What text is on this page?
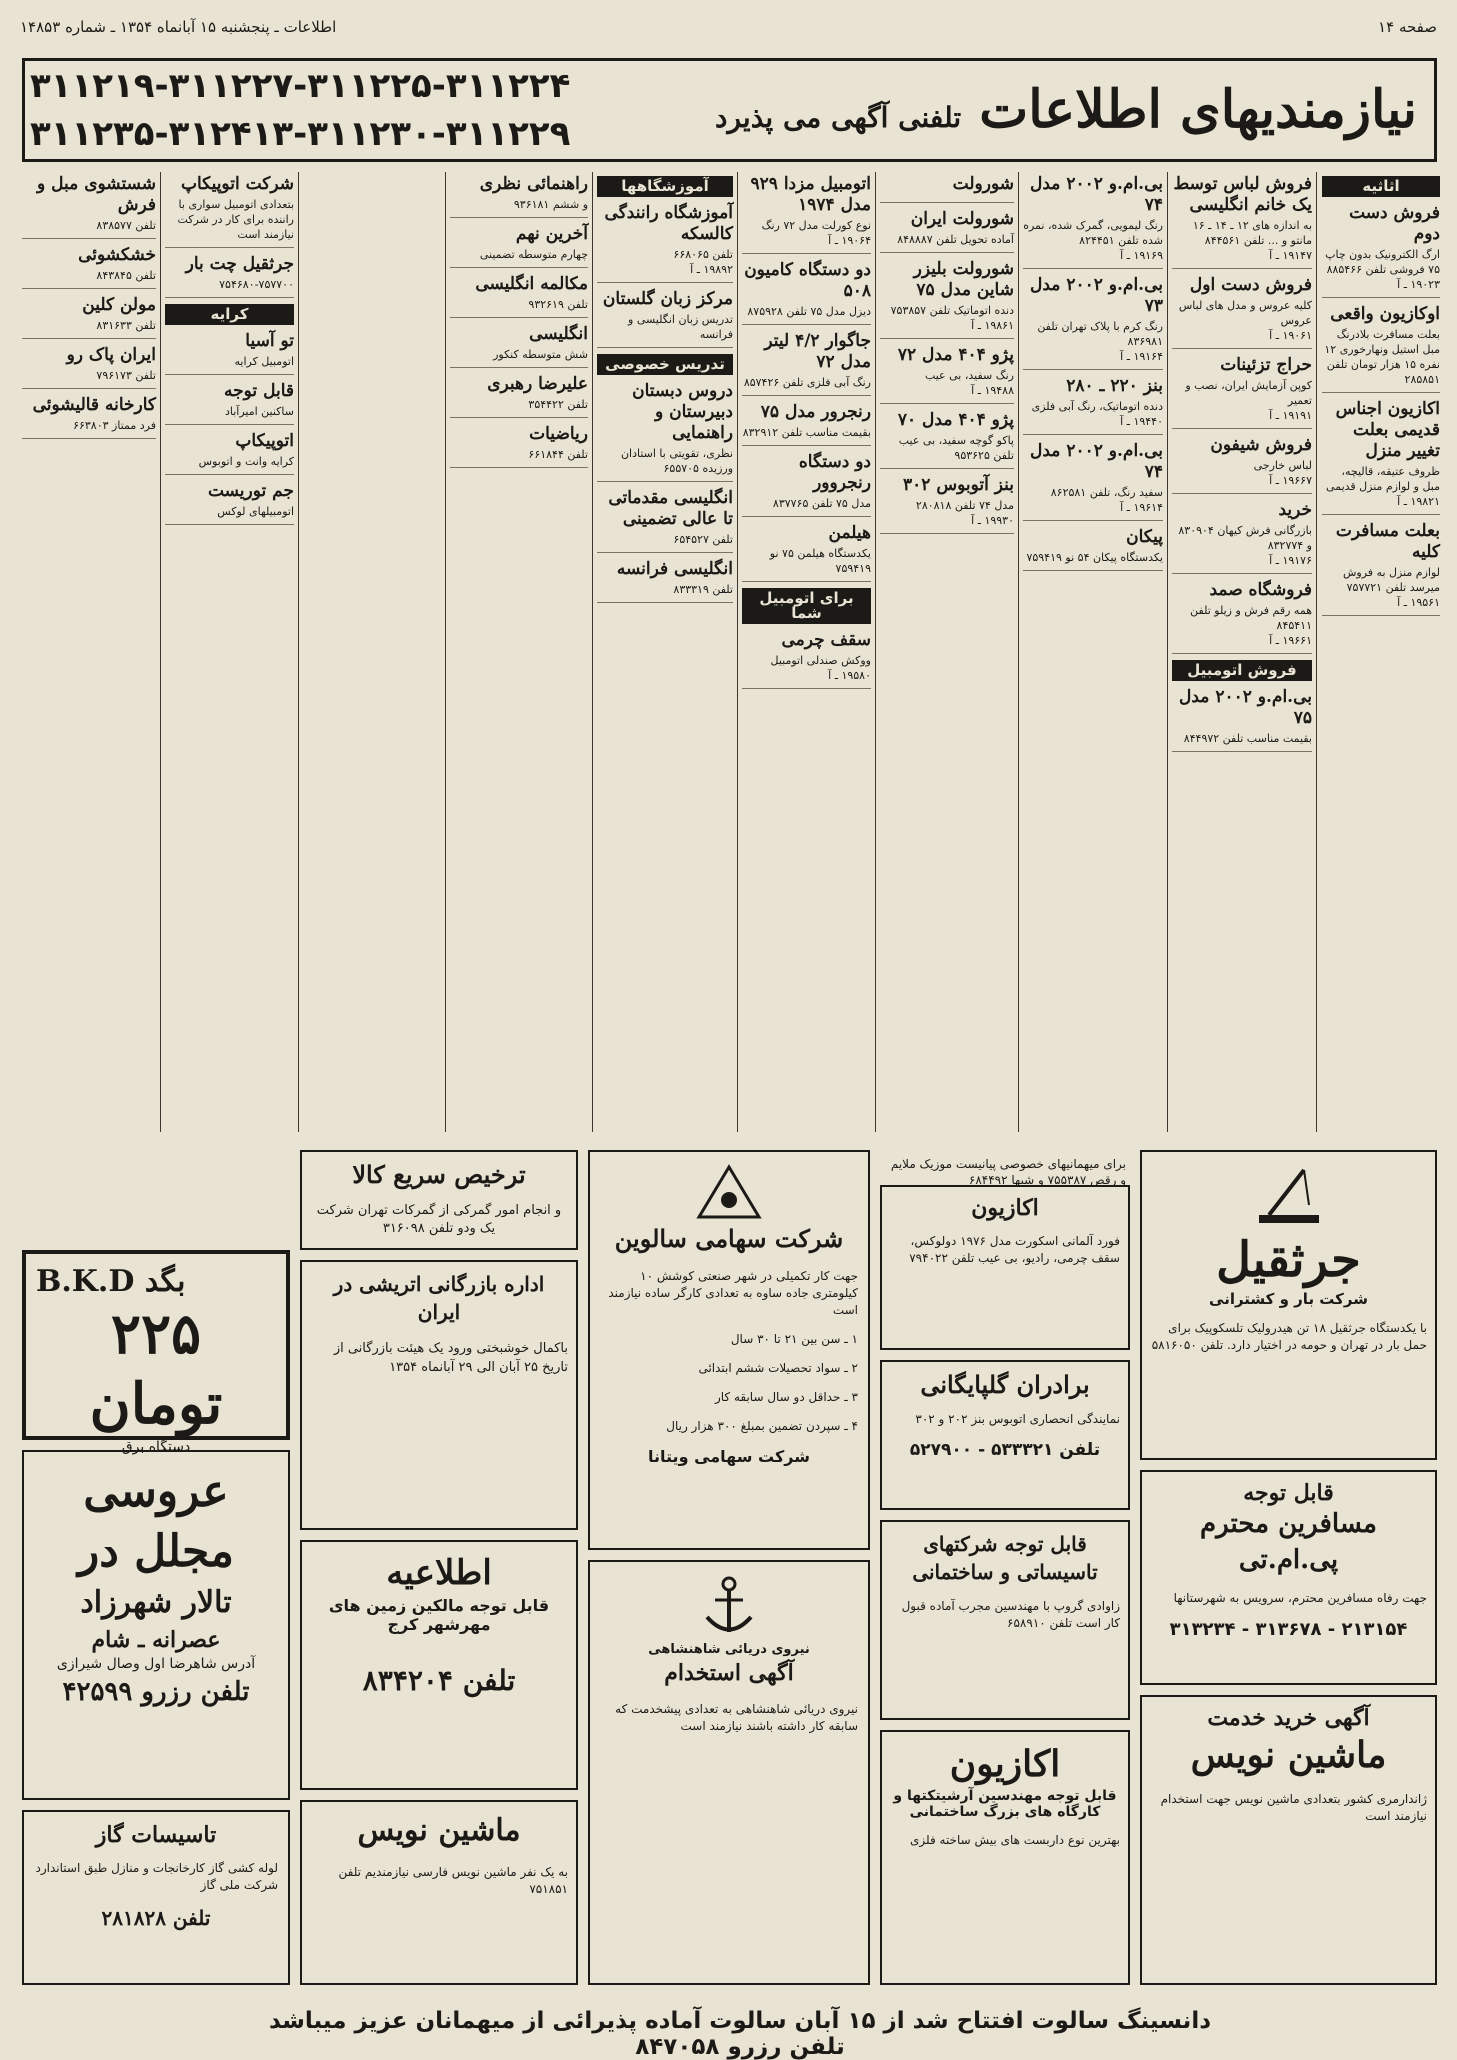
صفحه ۱۴
اطلاعات ـ پنجشنبه ۱۵ آبانماه ۱۳۵۴ ـ شماره ۱۴۸۵۳
۳۱۱۲۱۹-۳۱۱۲۲۷-۳۱۱۲۲۵-۳۱۱۲۲۴
۳۱۱۲۳۵-۳۱۲۴۱۳-۳۱۱۲۳۰-۳۱۱۲۲۹	نیازمندیهای اطلاعات تلفنی آگهی می پذیرد
اثاثیه
فروش دست دوم

ارگ الکترونیک بدون چاپ ۷۵ فروشی تلفن ۸۸۵۴۶۶

۱۹۰۲۳ ـ آ

اوکازیون واقعی

بعلت مسافرت بلادرنگ مبل استیل ونهارخوری ۱۲ نفره ۱۵ هزار تومان تلفن ۲۸۵۸۵۱

اکازیون اجناس قدیمی بعلت تغییر منزل

ظروف عتیقه، قالیچه، مبل و لوازم منزل قدیمی

۱۹۸۲۱ ـ آ

بعلت مسافرت کلیه

لوازم منزل به فروش میرسد تلفن ۷۵۷۷۲۱

۱۹۵۶۱ ـ آ

فروش لباس توسط یک خانم انگلیسی

به اندازه های ۱۲ ـ ۱۴ ـ ۱۶ مانتو و ... تلفن ۸۴۴۵۶۱

۱۹۱۴۷ ـ آ

فروش دست اول

کلیه عروس و مدل های لباس عروس

۱۹۰۶۱ ـ آ

حراج تزئینات

کوپن آزمایش ایران، نصب و تعمیر

۱۹۱۹۱ ـ آ

فروش شیفون

لباس خارجی

۱۹۶۶۷ ـ آ

خرید

بازرگانی فرش کیهان ۸۳۰۹۰۴ و ۸۳۲۷۷۴

۱۹۱۷۶ ـ آ

فروشگاه صمد

همه رقم فرش و زیلو تلفن ۸۴۵۴۱۱

۱۹۶۶۱ ـ آ

فروش اتومبیل
بی.ام.و ۲۰۰۲ مدل ۷۵

بقیمت مناسب تلفن ۸۴۴۹۷۲

بی.ام.و ۲۰۰۲ مدل ۷۴

رنگ لیمویی، گمرک شده، نمره شده تلفن ۸۲۴۴۵۱

۱۹۱۶۹ ـ آ

بی.ام.و ۲۰۰۲ مدل ۷۳

رنگ کرم با پلاک تهران تلفن ۸۳۶۹۸۱

۱۹۱۶۴ ـ آ

بنز ۲۲۰ ـ ۲۸۰

دنده اتوماتیک، رنگ آبی فلزی

۱۹۴۴۰ ـ آ

بی.ام.و ۲۰۰۲ مدل ۷۴

سفید رنگ، تلفن ۸۶۲۵۸۱

۱۹۶۱۴ ـ آ

پیکان

یکدستگاه پیکان ۵۴ نو ۷۵۹۴۱۹

شورولت
شورولت ایران

آماده تحویل تلفن ۸۴۸۸۸۷

شورولت بلیزر شاین مدل ۷۵

دنده اتوماتیک تلفن ۷۵۳۸۵۷

۱۹۸۶۱ ـ آ

پژو ۴۰۴ مدل ۷۲

رنگ سفید، بی عیب

۱۹۴۸۸ ـ آ

پژو ۴۰۴ مدل ۷۰

پاکو گوچه سفید، بی عیب تلفن ۹۵۳۶۲۵

بنز آتوبوس ۳۰۲

مدل ۷۴ تلفن ۲۸۰۸۱۸

۱۹۹۳۰ ـ آ

اتومبیل مزدا ۹۲۹ مدل ۱۹۷۴

نوع کورلت مدل ۷۲ رنگ

۱۹۰۶۴ ـ آ

دو دستگاه کامیون ۵۰۸

دیزل مدل ۷۵ تلفن ۸۷۵۹۲۸

جاگوار ۴/۲ لیتر مدل ۷۲

رنگ آبی فلزی تلفن ۸۵۷۴۲۶

رنجرور مدل ۷۵

بقیمت مناسب تلفن ۸۳۲۹۱۲

دو دستگاه رنجروور

مدل ۷۵ تلفن ۸۳۷۷۶۵

هیلمن

یکدستگاه هیلمن ۷۵ نو ۷۵۹۴۱۹

برای اتومبیل شما
سقف چرمی

ووکش صندلی اتومبیل

۱۹۵۸۰ ـ آ

آموزشگاهها
آموزشگاه رانندگی کالسکه

تلفن ۶۶۸۰۶۵

۱۹۸۹۲ ـ آ

مرکز زبان گلستان

تدریس زبان انگلیسی و فرانسه

تدریس خصوصی
دروس دبستان دبیرستان و راهنمایی

نظری، تقویتی با استادان ورزیده ۶۵۵۷۰۵

انگلیسی مقدماتی تا عالی تضمینی

تلفن ۶۵۴۵۲۷

انگلیسی فرانسه

تلفن ۸۳۳۳۱۹

راهنمائی نظری

و ششم ۹۳۶۱۸۱

آخرین نهم

چهارم متوسطه تضمینی

مکالمه انگلیسی

تلفن ۹۳۲۶۱۹

انگلیسی

شش متوسطه کنکور

علیرضا رهبری

تلفن ۳۵۴۴۲۲

ریاضیات

تلفن ۶۶۱۸۴۴

شرکت اتوپیکاپ

بتعدادی اتومبیل سواری با راننده برای کار در شرکت نیازمند است

جرثقیل چت بار

۷۵۴۶۸۰-۷۵۷۷۰۰

کرایه
تو آسیا

اتومبیل کرایه

قابل توجه

ساکنین امیرآباد

اتوپیکاپ

کرایه وانت و اتوبوس

جم توریست

اتومبیلهای لوکس

شستشوی مبل و فرش

تلفن ۸۳۸۵۷۷

خشکشوئی

تلفن ۸۴۳۸۴۵

مولن کلین

تلفن ۸۳۱۶۳۳

ایران پاک رو

تلفن ۷۹۶۱۷۳

کارخانه قالیشوئی

فرد ممتاز ۶۶۳۸۰۳

جرثقیل
شرکت بار و کشترانی

با یکدستگاه جرثقیل ۱۸ تن هیدرولیک تلسکوپیک برای حمل بار در تهران و حومه در اختیار دارد. تلفن ۵۸۱۶۰۵۰

قابل توجه
مسافرین محترم پی.ام.تی

جهت رفاه مسافرین محترم، سرویس به شهرستانها

۲۱۳۱۵۴ - ۳۱۳۶۷۸ - ۳۱۳۲۳۴
آگهی خرید خدمت
ماشین نویس

ژاندارمری کشور بتعدادی ماشین نویس جهت استخدام نیازمند است

برای میهمانیهای خصوصی پیانیست موزیک ملایم و رقص ۷۵۵۳۸۷ و شبها ۶۸۴۴۹۲

اکازیون

فورد آلمانی اسکورت مدل ۱۹۷۶ دولوکس، سقف چرمی، رادیو، بی عیب تلفن ۷۹۴۰۲۲

برادران گلپایگانی

نمایندگی انحصاری اتوبوس بنز ۲۰۲ و ۳۰۲

تلفن ۵۳۳۳۲۱ - ۵۲۷۹۰۰
قابل توجه شرکتهای تاسیساتی و ساختمانی

زاوادی گروپ با مهندسین مجرب آماده قبول کار است تلفن ۶۵۸۹۱۰

اکازیون
قابل توجه مهندسین آرشیتکتها و کارگاه های بزرگ ساختمانی

بهترین نوع داربست های بیش ساخته فلزی

شرکت سهامی سالوین

جهت کار تکمیلی در شهر صنعتی کوشش ۱۰ کیلومتری جاده ساوه به تعدادی کارگر ساده نیازمند است

۱ ـ سن بین ۲۱ تا ۳۰ سال

۲ ـ سواد تحصیلات ششم ابتدائی

۳ ـ حداقل دو سال سابقه کار

۴ ـ سپردن تضمین بمبلغ ۳۰۰ هزار ریال

شرکت سهامی ویتانا
نیروی دریائی شاهنشاهی
آگهی استخدام

نیروی دریائی شاهنشاهی به تعدادی پیشخدمت که سابقه کار داشته باشند نیازمند است

ترخیص سریع کالا

و انجام امور گمرکی از گمرکات تهران شرکت یک ودو تلفن ۳۱۶۰۹۸

اداره بازرگانی اتریشی در ایران

باکمال خوشبختی ورود یک هیئت بازرگانی از تاریخ ۲۵ آبان الی ۲۹ آبانماه ۱۳۵۴

اطلاعیه
قابل توجه مالکین زمین های مهرشهر کرج
تلفن ۸۳۴۲۰۴
ماشین نویس

به یک نفر ماشین نویس فارسی نیازمندیم تلفن ۷۵۱۸۵۱

B.K.D بگد
۲۲۵ تومان
دستگاه برق
عروسی مجلل در
تالار شهرزاد
عصرانه ـ شام
آدرس شاهرضا اول وصال شیرازی
تلفن رزرو ۴۲۵۹۹
تاسیسات گاز

لوله کشی گاز کارخانجات و منازل طبق استاندارد شرکت ملی گاز

تلفن ۲۸۱۸۲۸
دانسینگ سالوت افتتاح شد از ۱۵ آبان سالوت آماده پذیرائی از میهمانان عزیز میباشد تلفن رزرو ۸۴۷۰۵۸
